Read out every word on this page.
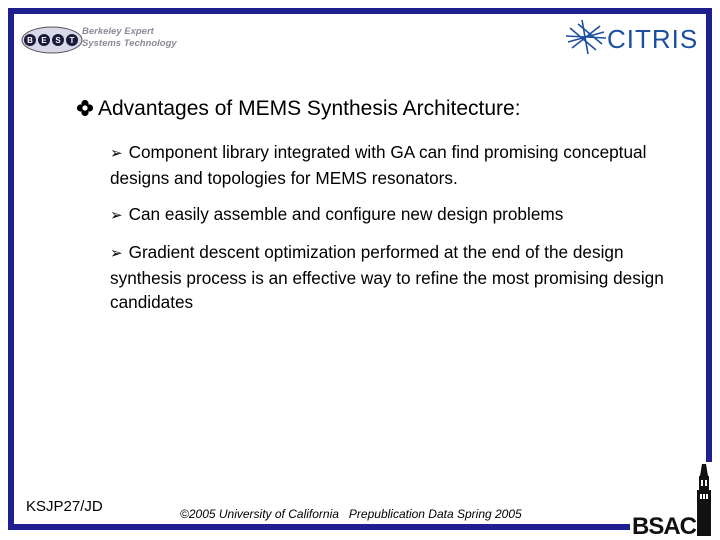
B E S T
Berkeley Expert
Systems Technology	CITRIS
Advantages of MEMS Synthesis Architecture:
➢ Component library integrated with GA can find promising conceptual designs and topologies for MEMS resonators.
➢ Can easily assemble and configure new design problems
➢ Gradient descent optimization performed at the end of the design synthesis process is an effective way to refine the most promising design candidates
KSJP27/JD	©2005 University of California Prepublication Data Spring 2005	BSAC
